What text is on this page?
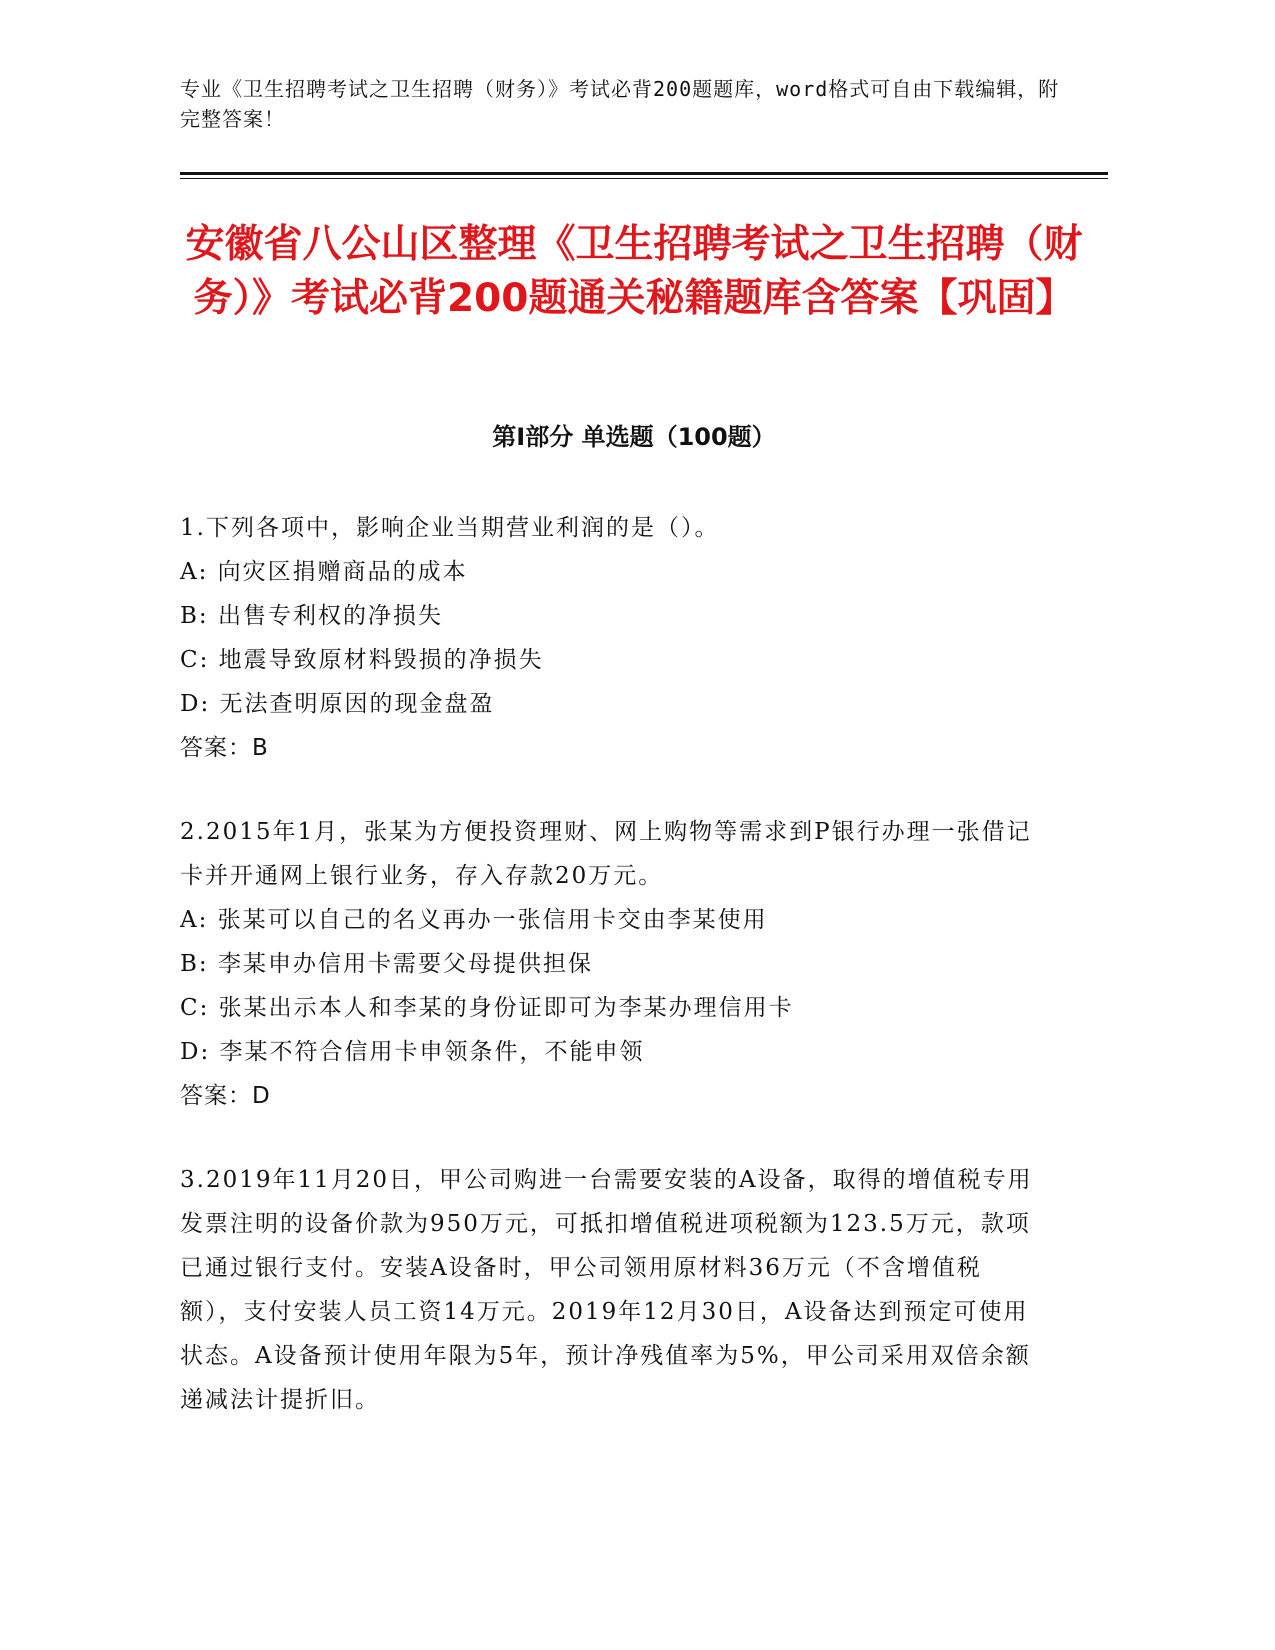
专业《卫生招聘考试之卫生招聘（财务）》考试必背200题题库，word格式可自由下载编辑，附完整答案！
安徽省八公山区整理《卫生招聘考试之卫生招聘（财务）》考试必背200题通关秘籍题库含答案【巩固】
第Ⅰ部分 单选题（100题）

1.下列各项中，影响企业当期营业利润的是（）。

A: 向灾区捐赠商品的成本

B: 出售专利权的净损失

C: 地震导致原材料毁损的净损失

D: 无法查明原因的现金盘盈

答案：B

2.2015年1月，张某为方便投资理财、网上购物等需求到P银行办理一张借记卡并开通网上银行业务，存入存款20万元。

A: 张某可以自己的名义再办一张信用卡交由李某使用

B: 李某申办信用卡需要父母提供担保

C: 张某出示本人和李某的身份证即可为李某办理信用卡

D: 李某不符合信用卡申领条件，不能申领

答案：D

3.2019年11月20日，甲公司购进一台需要安装的A设备，取得的增值税专用发票注明的设备价款为950万元，可抵扣增值税进项税额为123.5万元，款项已通过银行支付。安装A设备时，甲公司领用原材料36万元（不含增值税额），支付安装人员工资14万元。2019年12月30日，A设备达到预定可使用状态。A设备预计使用年限为5年，预计净残值率为5%，甲公司采用双倍余额递减法计提折旧。
